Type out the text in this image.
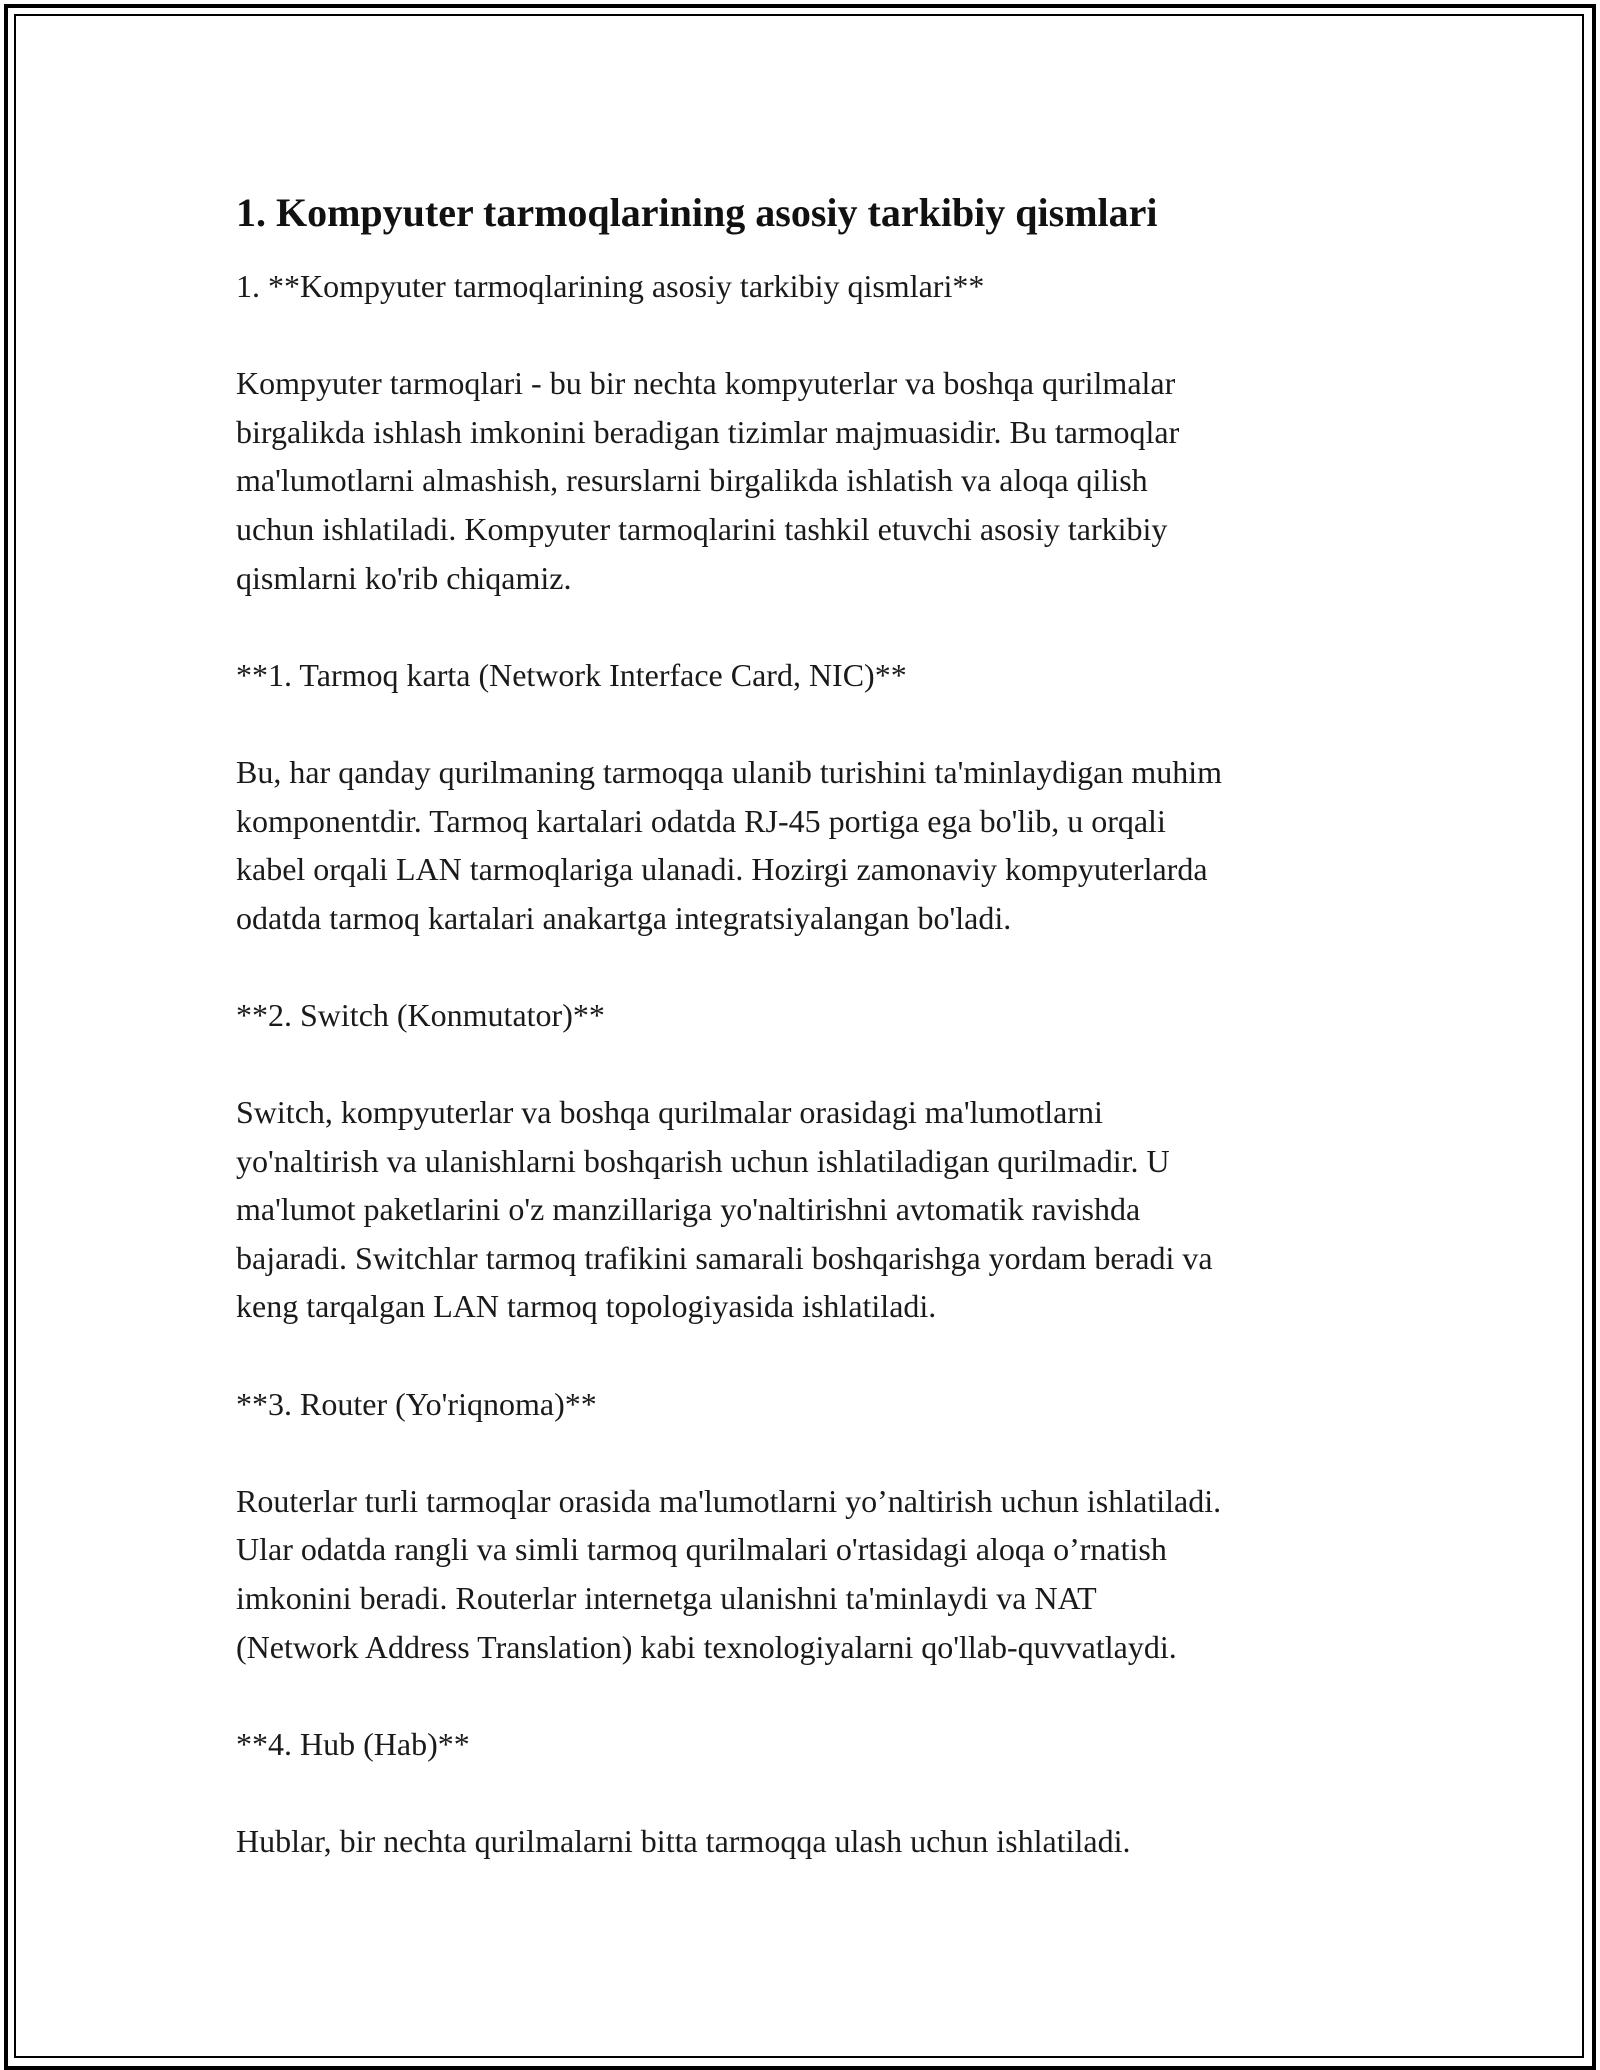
1. Kompyuter tarmoqlarining asosiy tarkibiy qismlari

1. **Kompyuter tarmoqlarining asosiy tarkibiy qismlari**

Kompyuter tarmoqlari - bu bir nechta kompyuterlar va boshqa qurilmalar
birgalikda ishlash imkonini beradigan tizimlar majmuasidir. Bu tarmoqlar
ma'lumotlarni almashish, resurslarni birgalikda ishlatish va aloqa qilish
uchun ishlatiladi. Kompyuter tarmoqlarini tashkil etuvchi asosiy tarkibiy
qismlarni ko'rib chiqamiz.

**1. Tarmoq karta (Network Interface Card, NIC)**

Bu, har qanday qurilmaning tarmoqqa ulanib turishini ta'minlaydigan muhim
komponentdir. Tarmoq kartalari odatda RJ-45 portiga ega bo'lib, u orqali
kabel orqali LAN tarmoqlariga ulanadi. Hozirgi zamonaviy kompyuterlarda
odatda tarmoq kartalari anakartga integratsiyalangan bo'ladi.

**2. Switch (Konmutator)**

Switch, kompyuterlar va boshqa qurilmalar orasidagi ma'lumotlarni
yo'naltirish va ulanishlarni boshqarish uchun ishlatiladigan qurilmadir. U
ma'lumot paketlarini o'z manzillariga yo'naltirishni avtomatik ravishda
bajaradi. Switchlar tarmoq trafikini samarali boshqarishga yordam beradi va
keng tarqalgan LAN tarmoq topologiyasida ishlatiladi.

**3. Router (Yo'riqnoma)**

Routerlar turli tarmoqlar orasida ma'lumotlarni yo’naltirish uchun ishlatiladi.
Ular odatda rangli va simli tarmoq qurilmalari o'rtasidagi aloqa o’rnatish
imkonini beradi. Routerlar internetga ulanishni ta'minlaydi va NAT
(Network Address Translation) kabi texnologiyalarni qo'llab-quvvatlaydi.

**4. Hub (Hab)**

Hublar, bir nechta qurilmalarni bitta tarmoqqa ulash uchun ishlatiladi.
